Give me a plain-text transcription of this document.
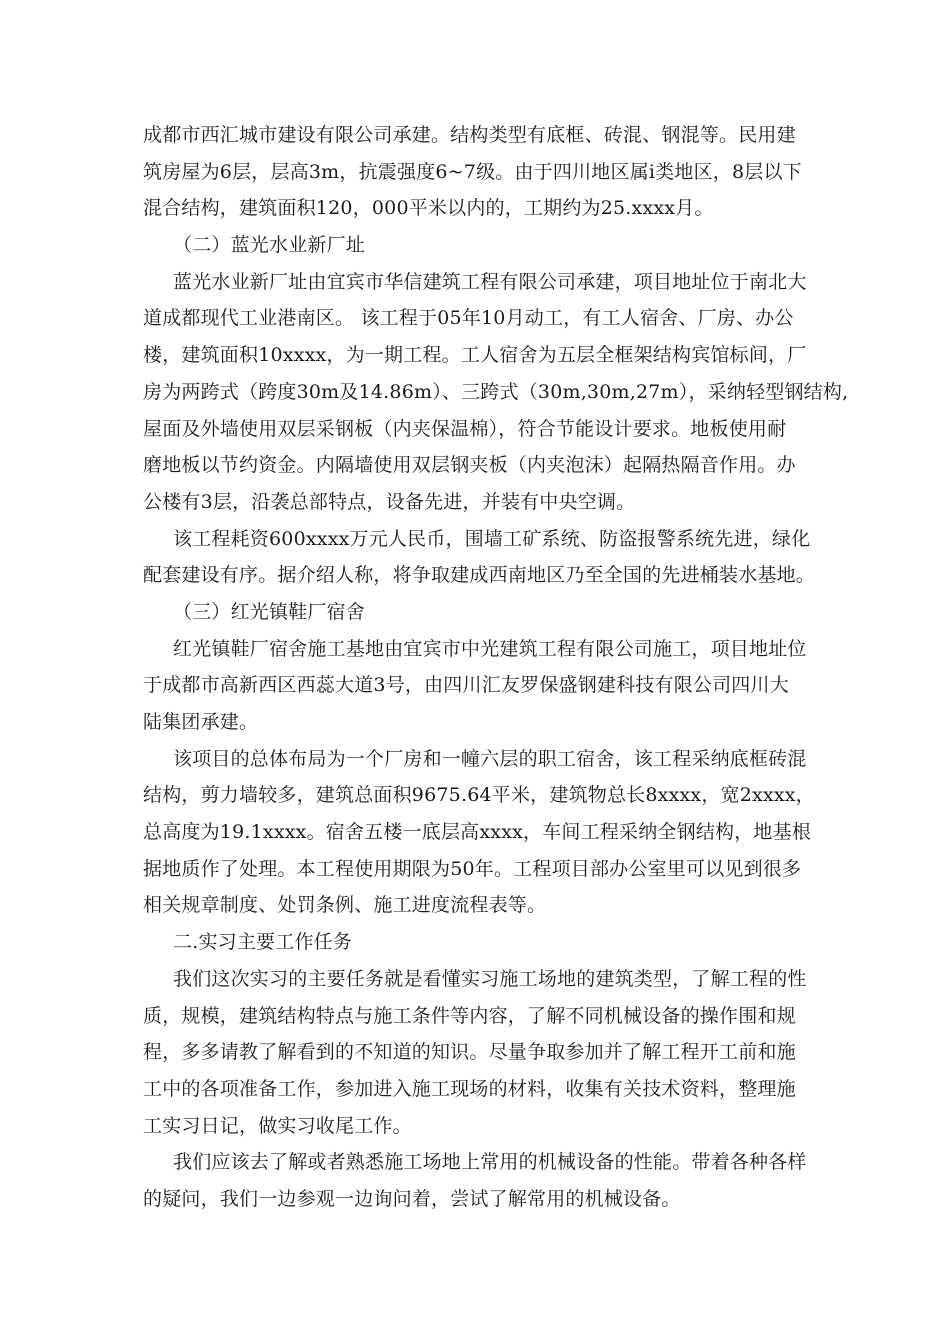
成都市西汇城市建设有限公司承建。结构类型有底框、砖混、钢混等。民用建
筑房屋为6层，层高3m，抗震强度6~7级。由于四川地区属ⅰ类地区，8层以下
混合结构，建筑面积120，000平米以内的，工期约为25.xxxx月。
（二）蓝光水业新厂址
蓝光水业新厂址由宜宾市华信建筑工程有限公司承建，项目地址位于南北大
道成都现代工业港南区。 该工程于05年10月动工，有工人宿舍、厂房、办公
楼，建筑面积10xxxx，为一期工程。工人宿舍为五层全框架结构宾馆标间，厂
房为两跨式（跨度30m及14.86m）、三跨式（30m,30m,27m），采纳轻型钢结构,
屋面及外墙使用双层采钢板（内夹保温棉），符合节能设计要求。地板使用耐
磨地板以节约资金。内隔墙使用双层钢夹板（内夹泡沫）起隔热隔音作用。办
公楼有3层，沿袭总部特点，设备先进，并装有中央空调。
该工程耗资600xxxx万元人民币，围墙工矿系统、防盗报警系统先进，绿化
配套建设有序。据介绍人称，将争取建成西南地区乃至全国的先进桶装水基地。
（三）红光镇鞋厂宿舍
红光镇鞋厂宿舍施工基地由宜宾市中光建筑工程有限公司施工，项目地址位
于成都市高新西区西蕊大道3号，由四川汇友罗保盛钢建科技有限公司四川大
陆集团承建。
该项目的总体布局为一个厂房和一幢六层的职工宿舍，该工程采纳底框砖混
结构，剪力墙较多，建筑总面积9675.64平米，建筑物总长8xxxx，宽2xxxx，
总高度为19.1xxxx。宿舍五楼一底层高xxxx，车间工程采纳全钢结构，地基根
据地质作了处理。本工程使用期限为50年。工程项目部办公室里可以见到很多
相关规章制度、处罚条例、施工进度流程表等。
二.实习主要工作任务
我们这次实习的主要任务就是看懂实习施工场地的建筑类型，了解工程的性
质，规模，建筑结构特点与施工条件等内容，了解不同机械设备的操作围和规
程，多多请教了解看到的不知道的知识。尽量争取参加并了解工程开工前和施
工中的各项准备工作，参加进入施工现场的材料，收集有关技术资料，整理施
工实习日记，做实习收尾工作。
我们应该去了解或者熟悉施工场地上常用的机械设备的性能。带着各种各样
的疑问，我们一边参观一边询问着，尝试了解常用的机械设备。
